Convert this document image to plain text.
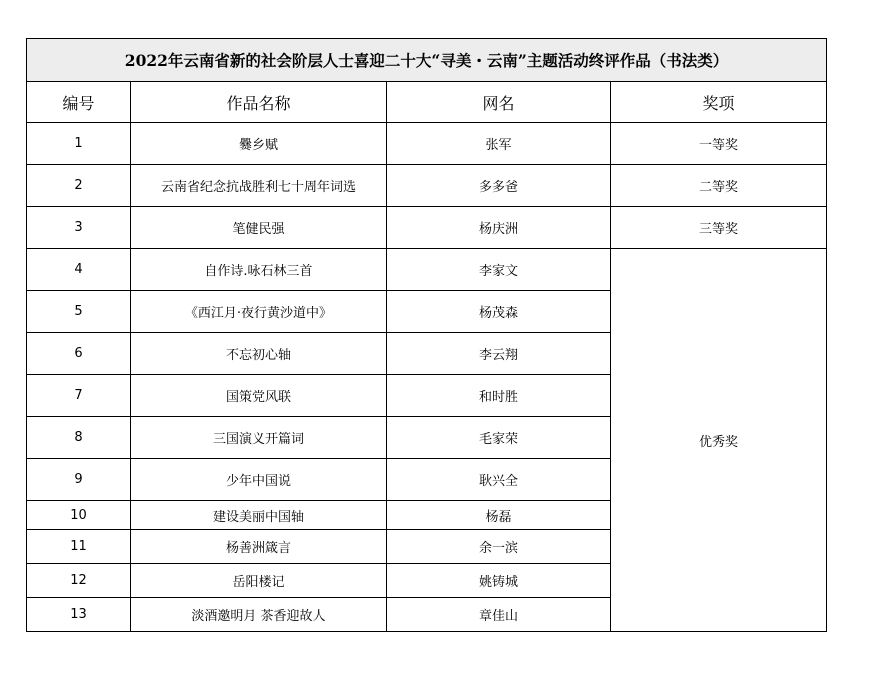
2022年云南省新的社会阶层人士喜迎二十大“寻美・云南”主题活动终评作品（书法类）			
编号	作品名称	网名	奖项
1	爨乡赋	张军	一等奖
2	云南省纪念抗战胜利七十周年词选	多多爸	二等奖
3	笔健民强	杨庆洲	三等奖
4	自作诗.咏石林三首	李家文	优秀奖
5	《西江月·夜行黄沙道中》	杨茂森	
6	不忘初心轴	李云翔	
7	国策党风联	和时胜	
8	三国演义开篇词	毛家荣	
9	少年中国说	耿兴全	
10	建设美丽中国轴	杨磊	
11	杨善洲箴言	余一滨	
12	岳阳楼记	姚铸城	
13	淡酒邀明月 茶香迎故人	章佳山	
